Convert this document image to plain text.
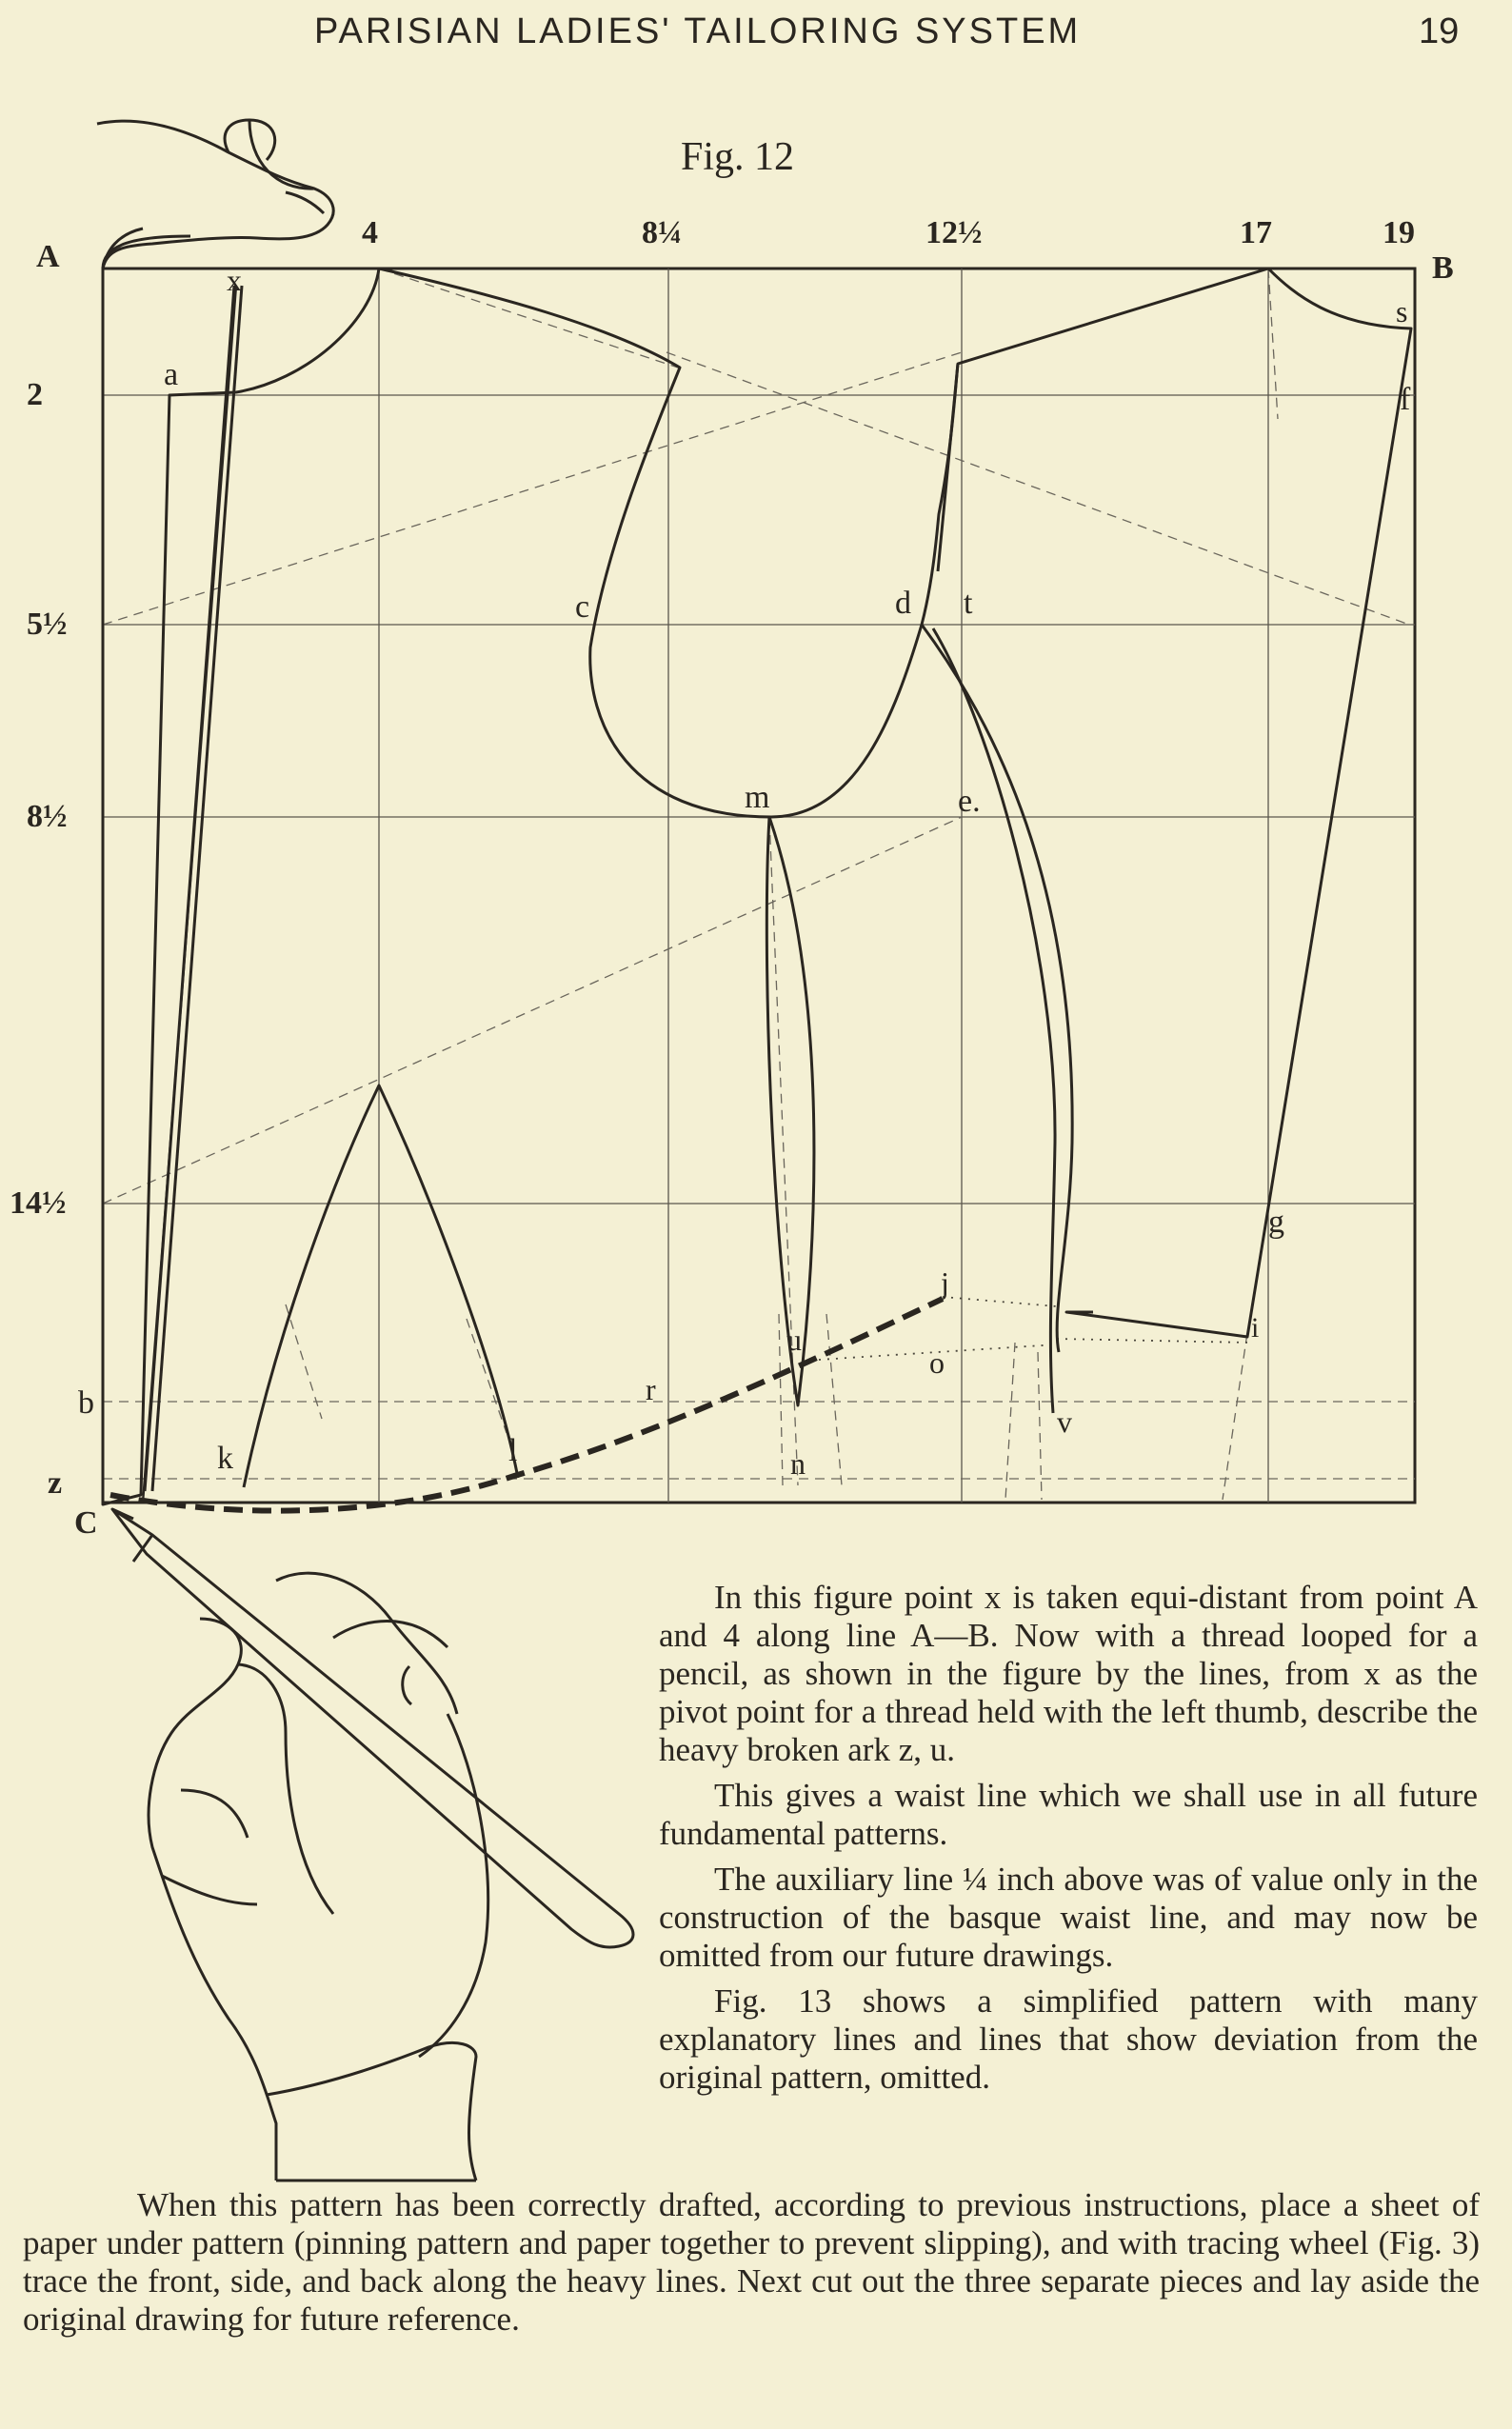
PARISIAN LADIES' TAILORING SYSTEM	19
Fig. 12
A	B
C
4	8¼	12½	17	19
2
5½
8½
14½
b
z
x
a
s
f
c	d t
m	e.
g
j
u
o
i
r
v
k	l	n

In this figure point x is taken equi-distant from point A and 4 along line A—B. Now with a thread looped for a pencil, as shown in the figure by the lines, from x as the pivot point for a thread held with the left thumb, describe the heavy broken ark z, u.

This gives a waist line which we shall use in all future fundamental patterns.

The auxiliary line ¼ inch above was of value only in the construction of the basque waist line, and may now be omitted from our future drawings.

Fig. 13 shows a simplified pattern with many explanatory lines and lines that show deviation from the original pattern, omitted.

When this pattern has been correctly drafted, according to previous instructions, place a sheet of paper under pattern (pinning pattern and paper together to prevent slipping), and with tracing wheel (Fig. 3) trace the front, side, and back along the heavy lines. Next cut out the three separate pieces and lay aside the original drawing for future reference.
